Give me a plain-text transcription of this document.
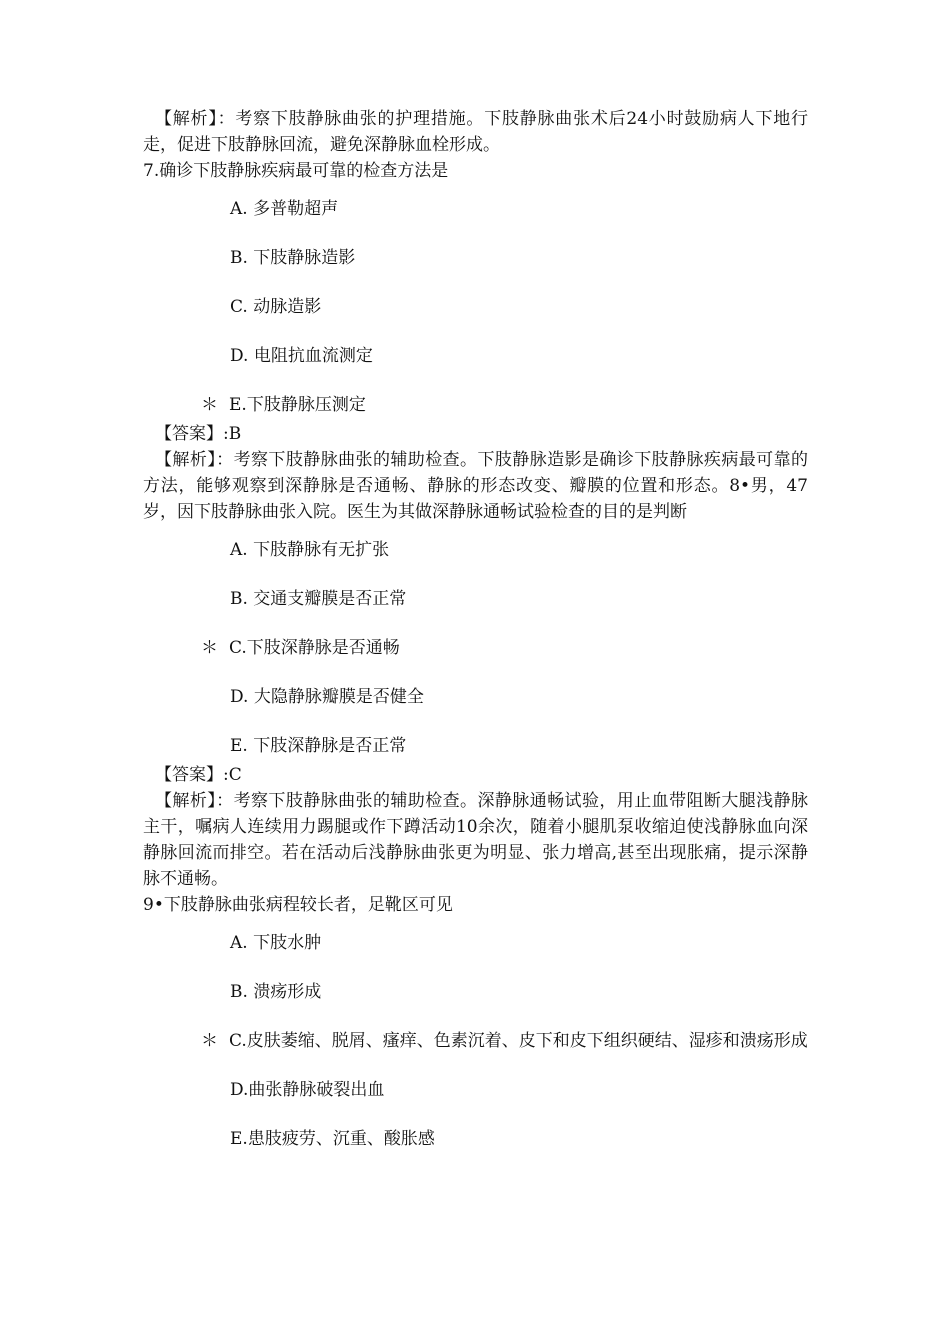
【解析】：考察下肢静脉曲张的护理措施。下肢静脉曲张术后24小时鼓励病人下地行走，促进下肢静脉回流，避免深静脉血栓形成。

7.确诊下肢静脉疾病最可靠的检查方法是

A. 多普勒超声

B. 下肢静脉造影

C. 动脉造影

D. 电阻抗血流测定

＊ E.下肢静脉压测定

【答案】:B

【解析】：考察下肢静脉曲张的辅助检查。下肢静脉造影是确诊下肢静脉疾病最可靠的方法，能够观察到深静脉是否通畅、静脉的形态改变、瓣膜的位置和形态。8•男，47岁，因下肢静脉曲张入院。医生为其做深静脉通畅试验检查的目的是判断

A. 下肢静脉有无扩张

B. 交通支瓣膜是否正常

＊ C.下肢深静脉是否通畅

D. 大隐静脉瓣膜是否健全

E. 下肢深静脉是否正常

【答案】:C

【解析】：考察下肢静脉曲张的辅助检查。深静脉通畅试验，用止血带阻断大腿浅静脉主干，嘱病人连续用力踢腿或作下蹲活动10余次，随着小腿肌泵收缩迫使浅静脉血向深静脉回流而排空。若在活动后浅静脉曲张更为明显、张力增高,甚至出现胀痛，提示深静脉不通畅。

9•下肢静脉曲张病程较长者，足靴区可见

A. 下肢水肿

B. 溃疡形成

＊ C.皮肤萎缩、脱屑、瘙痒、色素沉着、皮下和皮下组织硬结、湿疹和溃疡形成

D.曲张静脉破裂出血

E.患肢疲劳、沉重、酸胀感
